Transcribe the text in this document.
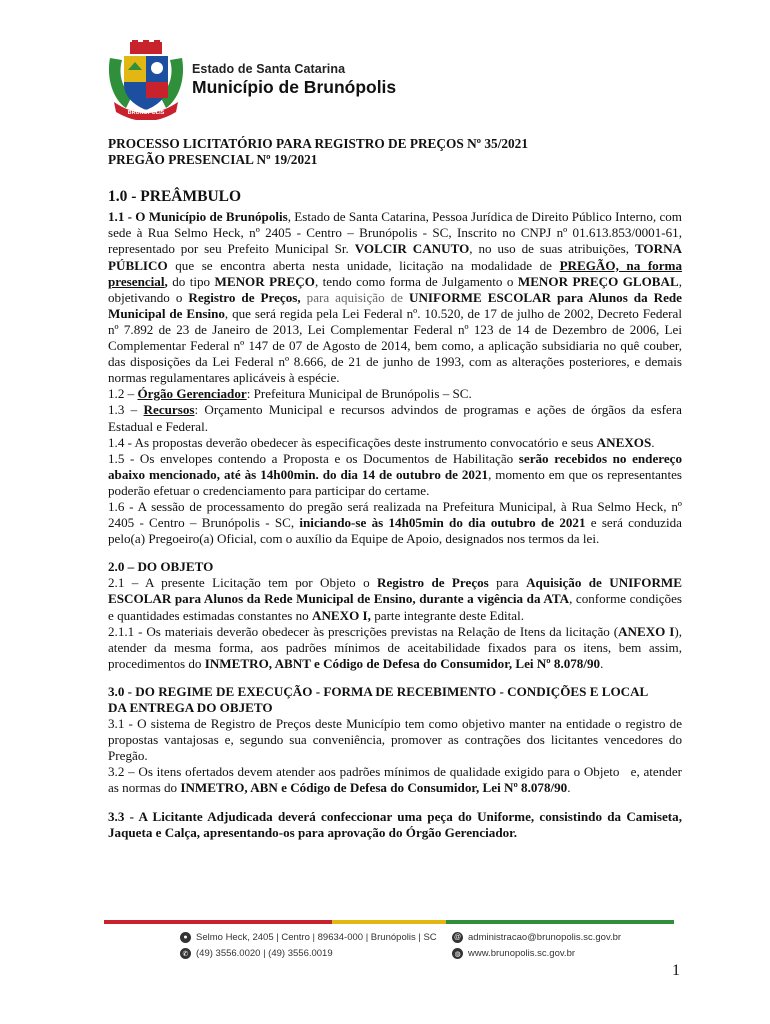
BRUNÓPOLIS
Estado de Santa Catarina
Município de Brunópolis

PROCESSO LICITATÓRIO PARA REGISTRO DE PREÇOS Nº 35/2021

PREGÃO PRESENCIAL Nº 19/2021

1.0 - PREÂMBULO

1.1 - O Município de Brunópolis, Estado de Santa Catarina, Pessoa Jurídica de Direito Público Interno, com sede à Rua Selmo Heck, nº 2405 - Centro – Brunópolis - SC, Inscrito no CNPJ nº 01.613.853/0001-61, representado por seu Prefeito Municipal Sr. VOLCIR CANUTO, no uso de suas atribuições, TORNA PÚBLICO que se encontra aberta nesta unidade, licitação na modalidade de PREGÃO, na forma presencial, do tipo MENOR PREÇO, tendo como forma de Julgamento o MENOR PREÇO GLOBAL, objetivando o Registro de Preços, para aquisição de UNIFORME ESCOLAR para Alunos da Rede Municipal de Ensino, que será regida pela Lei Federal nº. 10.520, de 17 de julho de 2002, Decreto Federal nº 7.892 de 23 de Janeiro de 2013, Lei Complementar Federal nº 123 de 14 de Dezembro de 2006, Lei Complementar Federal nº 147 de 07 de Agosto de 2014, bem como, a aplicação subsidiaria no quê couber, das disposições da Lei Federal nº 8.666, de 21 de junho de 1993, com as alterações posteriores, e demais normas regulamentares aplicáveis à espécie.

1.2 – Órgão Gerenciador: Prefeitura Municipal de Brunópolis – SC.

1.3 – Recursos: Orçamento Municipal e recursos advindos de programas e ações de órgãos da esfera Estadual e Federal.

1.4 - As propostas deverão obedecer às especificações deste instrumento convocatório e seus ANEXOS.

1.5 - Os envelopes contendo a Proposta e os Documentos de Habilitação serão recebidos no endereço abaixo mencionado, até às 14h00min. do dia 14 de outubro de 2021, momento em que os representantes poderão efetuar o credenciamento para participar do certame.

1.6 - A sessão de processamento do pregão será realizada na Prefeitura Municipal, à Rua Selmo Heck, nº 2405 - Centro – Brunópolis - SC, iniciando-se às 14h05min do dia outubro de 2021 e será conduzida pelo(a) Pregoeiro(a) Oficial, com o auxílio da Equipe de Apoio, designados nos termos da lei.

2.0 – DO OBJETO

2.1 – A presente Licitação tem por Objeto o Registro de Preços para Aquisição de UNIFORME ESCOLAR para Alunos da Rede Municipal de Ensino, durante a vigência da ATA, conforme condições e quantidades estimadas constantes no ANEXO I, parte integrante deste Edital.

2.1.1 - Os materiais deverão obedecer às prescrições previstas na Relação de Itens da licitação (ANEXO I), atender da mesma forma, aos padrões mínimos de aceitabilidade fixados para os itens, bem assim, procedimentos do INMETRO, ABNT e Código de Defesa do Consumidor, Lei Nº 8.078/90.

3.0 - DO REGIME DE EXECUÇÃO - FORMA DE RECEBIMENTO - CONDIÇÕES E LOCAL
DA ENTREGA DO OBJETO

3.1 - O sistema de Registro de Preços deste Município tem como objetivo manter na entidade o registro de propostas vantajosas e, segundo sua conveniência, promover as contrações dos licitantes vencedores do Pregão.

3.2 – Os itens ofertados devem atender aos padrões mínimos de qualidade exigido para o Objeto   e, atender as normas do INMETRO, ABN e Código de Defesa do Consumidor, Lei Nº 8.078/90.

3.3 - A Licitante Adjudicada deverá confeccionar uma peça do Uniforme, consistindo da Camiseta, Jaqueta e Calça, apresentando-os para aprovação do Órgão Gerenciador.

● Selmo Heck, 2405 | Centro | 89634-000 | Brunópolis | SC
✆ (49) 3556.0020 | (49) 3556.0019
@ administracao@brunopolis.sc.gov.br
◍ www.brunopolis.sc.gov.br
1
